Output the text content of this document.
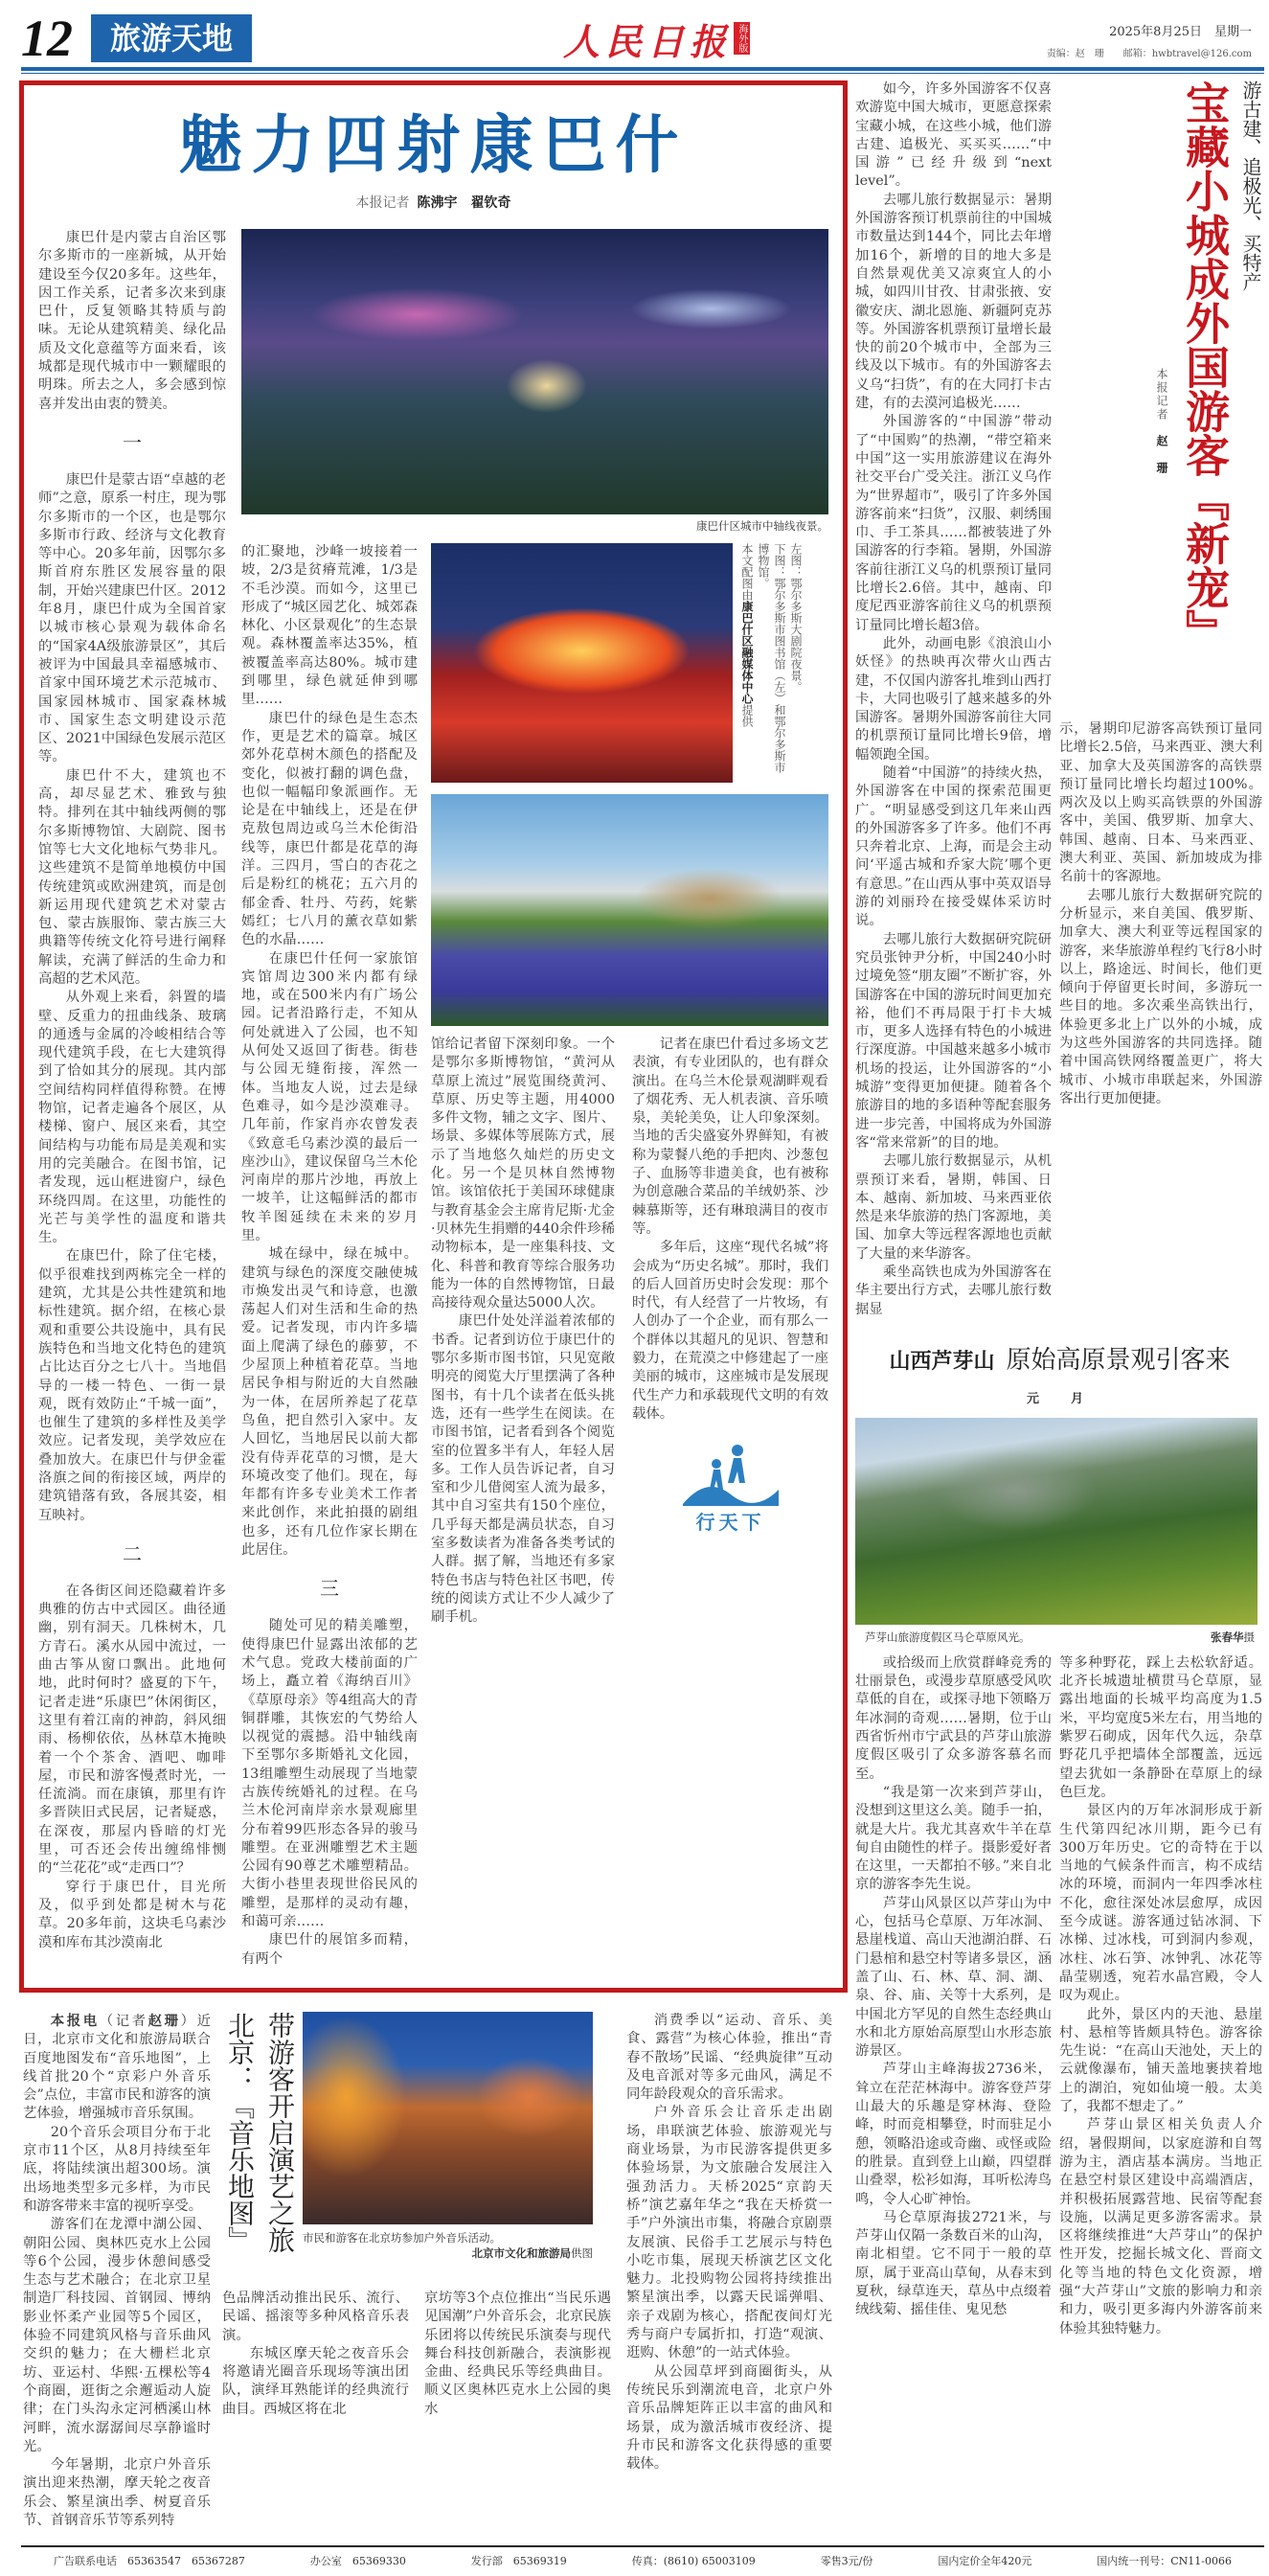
12	旅游天地	人民日报 海外版	2025年8月25日　星期一
责编：赵　珊　　邮箱：hwbtravel@126.com
魅力四射康巴什
本报记者 陈沸宇　翟钦奇

康巴什是内蒙古自治区鄂尔多斯市的一座新城，从开始建设至今仅20多年。这些年，因工作关系，记者多次来到康巴什，反复领略其特质与韵味。无论从建筑精美、绿化品质及文化意蕴等方面来看，该城都是现代城市中一颗耀眼的明珠。所去之人，多会感到惊喜并发出由衷的赞美。

一

康巴什是蒙古语“卓越的老师”之意，原系一村庄，现为鄂尔多斯市的一个区，也是鄂尔多斯市行政、经济与文化教育等中心。20多年前，因鄂尔多斯首府东胜区发展容量的限制，开始兴建康巴什区。2012年8月，康巴什成为全国首家以城市核心景观为载体命名的“国家4A级旅游景区”，其后被评为中国最具幸福感城市、首家中国环境艺术示范城市、国家园林城市、国家森林城市、国家生态文明建设示范区、2021中国绿色发展示范区等。

康巴什不大，建筑也不高，却尽显艺术、雅致与独特。排列在其中轴线两侧的鄂尔多斯博物馆、大剧院、图书馆等七大文化地标气势非凡。这些建筑不是简单地模仿中国传统建筑或欧洲建筑，而是创新运用现代建筑艺术对蒙古包、蒙古族服饰、蒙古族三大典籍等传统文化符号进行阐释解读，充满了鲜活的生命力和高超的艺术风范。

从外观上来看，斜置的墙壁、反重力的扭曲线条、玻璃的通透与金属的冷峻相结合等现代建筑手段，在七大建筑得到了恰如其分的展现。其内部空间结构同样值得称赞。在博物馆，记者走遍各个展区，从楼梯、窗户、展区来看，其空间结构与功能布局是美观和实用的完美融合。在图书馆，记者发现，远山框进窗户，绿色环绕四周。在这里，功能性的光芒与美学性的温度和谐共生。

在康巴什，除了住宅楼，似乎很难找到两栋完全一样的建筑，尤其是公共性建筑和地标性建筑。据介绍，在核心景观和重要公共设施中，具有民族特色和当地文化特色的建筑占比达百分之七八十。当地倡导的一楼一特色、一街一景观，既有效防止“千城一面”，也催生了建筑的多样性及美学效应。记者发现，美学效应在叠加放大。在康巴什与伊金霍洛旗之间的衔接区域，两岸的建筑错落有致，各展其姿，相互映衬。

二

在各街区间还隐藏着许多典雅的仿古中式园区。曲径通幽，别有洞天。几株树木，几方青石。溪水从园中流过，一曲古筝从窗口飘出。此地何地，此时何时？盛夏的下午，记者走进“乐康巴”休闲街区，这里有着江南的神韵，斜风细雨、杨柳依依，丛林草木掩映着一个个茶舍、酒吧、咖啡屋，市民和游客慢煮时光，一任流淌。而在康镇，那里有许多晋陕旧式民居，记者疑惑，在深夜，那屋内昏暗的灯光里，可否还会传出缠绵悱恻的“兰花花”或“走西口”？

穿行于康巴什，目光所及，似乎到处都是树木与花草。20多年前，这块毛乌素沙漠和库布其沙漠南北

康巴什区城市中轴线夜景。

的汇聚地，沙峰一坡接着一坡，2/3是贫瘠荒滩，1/3是不毛沙漠。而如今，这里已形成了“城区园艺化、城郊森林化、小区景观化”的生态景观。森林覆盖率达35%，植被覆盖率高达80%。城市建到哪里，绿色就延伸到哪里……

康巴什的绿色是生态杰作，更是艺术的篇章。城区郊外花草树木颜色的搭配及变化，似被打翻的调色盘，也似一幅幅印象派画作。无论是在中轴线上，还是在伊克敖包周边或乌兰木伦街沿线等，康巴什都是花草的海洋。三四月，雪白的杏花之后是粉红的桃花；五六月的郁金香、牡丹、芍药，姹紫嫣红；七八月的薰衣草如紫色的水晶……

在康巴什任何一家旅馆宾馆周边300米内都有绿地，或在500米内有广场公园。记者沿路行走，不知从何处就进入了公园，也不知从何处又返回了街巷。街巷与公园无缝衔接，浑然一体。当地友人说，过去是绿色难寻，如今是沙漠难寻。几年前，作家肖亦农曾发表《致意毛乌素沙漠的最后一座沙山》，建议保留乌兰木伦河南岸的那片沙地，再放上一坡羊，让这幅鲜活的都市牧羊图延续在未来的岁月里。

城在绿中，绿在城中。建筑与绿色的深度交融使城市焕发出灵气和诗意，也激荡起人们对生活和生命的热爱。记者发现，市内许多墙面上爬满了绿色的藤萝，不少屋顶上种植着花草。当地居民争相与附近的大自然融为一体，在居所养起了花草鸟鱼，把自然引入家中。友人回忆，当地居民以前大都没有侍弄花草的习惯，是大环境改变了他们。现在，每年都有许多专业美术工作者来此创作，来此拍摄的剧组也多，还有几位作家长期在此居住。

三

随处可见的精美雕塑，使得康巴什显露出浓郁的艺术气息。党政大楼前面的广场上，矗立着《海纳百川》《草原母亲》等4组高大的青铜群雕，其恢宏的气势给人以视觉的震撼。沿中轴线南下至鄂尔多斯婚礼文化园，13组雕塑生动展现了当地蒙古族传统婚礼的过程。在乌兰木伦河南岸亲水景观廊里分布着99匹形态各异的骏马雕塑。在亚洲雕塑艺术主题公园有90尊艺术雕塑精品。大街小巷里表现世俗民风的雕塑，是那样的灵动有趣，和蔼可亲……

康巴什的展馆多而精，有两个

左图：鄂尔多斯大剧院夜景。
下图：鄂尔多斯市图书馆（左）和鄂尔多斯市博物馆。
本文配图由康巴什区融媒体中心提供

馆给记者留下深刻印象。一个是鄂尔多斯博物馆，“黄河从草原上流过”展览围绕黄河、草原、历史等主题，用4000多件文物，辅之文字、图片、场景、多媒体等展陈方式，展示了当地悠久灿烂的历史文化。另一个是贝林自然博物馆。该馆依托于美国环球健康与教育基金会主席肯尼斯·尤金·贝林先生捐赠的440余件珍稀动物标本，是一座集科技、文化、科普和教育等综合服务功能为一体的自然博物馆，日最高接待观众量达5000人次。

康巴什处处洋溢着浓郁的书香。记者到访位于康巴什的鄂尔多斯市图书馆，只见宽敞明亮的阅览大厅里摆满了各种图书，有十几个读者在低头挑选，还有一些学生在阅读。在市图书馆，记者看到各个阅览室的位置多半有人，年轻人居多。工作人员告诉记者，自习室和少儿借阅室人流为最多，其中自习室共有150个座位，几乎每天都是满员状态，自习室多数读者为准备各类考试的人群。据了解，当地还有多家特色书店与特色社区书吧，传统的阅读方式让不少人减少了刷手机。

记者在康巴什看过多场文艺表演，有专业团队的，也有群众演出。在乌兰木伦景观湖畔观看了烟花秀、无人机表演、音乐喷泉，美轮美奂，让人印象深刻。当地的舌尖盛宴外界鲜知，有被称为蒙餐八绝的手把肉、沙葱包子、血肠等非遗美食，也有被称为创意融合菜品的羊绒奶茶、沙棘慕斯等，还有琳琅满目的夜市等。

多年后，这座“现代名城”将会成为“历史名城”。那时，我们的后人回首历史时会发现：那个时代，有人经营了一片牧场，有人创办了一个企业，而有那么一个群体以其超凡的见识、智慧和毅力，在荒漠之中修建起了一座美丽的城市，这座城市是发展现代生产力和承载现代文明的有效载体。

行天下

本报电（记者赵珊）近日，北京市文化和旅游局联合百度地图发布“音乐地图”，上线首批20个“京彩户外音乐会”点位，丰富市民和游客的演艺体验，增强城市音乐氛围。

20个音乐会项目分布于北京市11个区，从8月持续至年底，将陆续演出超300场。演出场地类型多元多样，为市民和游客带来丰富的视听享受。

游客们在龙潭中湖公园、朝阳公园、奥林匹克水上公园等6个公园，漫步休憩间感受生态与艺术融合；在北京卫星制造厂科技园、首钢园、博纳影业怀柔产业园等5个园区，体验不同建筑风格与音乐曲风交织的魅力；在大栅栏北京坊、亚运村、华熙·五棵松等4个商圈，逛街之余邂逅动人旋律；在门头沟永定河栖溪山林河畔，流水潺潺间尽享静谧时光。

今年暑期，北京户外音乐演出迎来热潮，摩天轮之夜音乐会、繁星演出季、树夏音乐节、首钢音乐节等系列特

北京：『音乐地图』 带游客开启演艺之旅 市民和游客在北京坊参加户外音乐活动。
北京市文化和旅游局供图

色品牌活动推出民乐、流行、民谣、摇滚等多种风格音乐表演。

东城区摩天轮之夜音乐会将邀请光圈音乐现场等演出团队，演绎耳熟能详的经典流行曲目。西城区将在北

京坊等3个点位推出“当民乐遇见国潮”户外音乐会，北京民族乐团将以传统民乐演奏与现代舞台科技创新融合，表演影视金曲、经典民乐等经典曲目。顺义区奥林匹克水上公园的奥水

消费季以“运动、音乐、美食、露营”为核心体验，推出“青春不散场”民谣、“经典旋律”互动及电音派对等多元曲风，满足不同年龄段观众的音乐需求。

户外音乐会让音乐走出剧场，串联演艺体验、旅游观光与商业场景，为市民游客提供更多体验场景，为文旅融合发展注入强劲活力。天桥2025“京韵天桥”演艺嘉年华之“我在天桥赏一手”户外演出市集，将融合京剧票友展演、民俗手工艺展示与特色小吃市集，展现天桥演艺区文化魅力。北投购物公园将持续推出繁星演出季，以露天民谣弹唱、亲子戏剧为核心，搭配夜间灯光秀与商户专属折扣，打造“观演、逛购、休憩”的一站式体验。

从公园草坪到商圈街头，从传统民乐到潮流电音，北京户外音乐品牌矩阵正以丰富的曲风和场景，成为激活城市夜经济、提升市民和游客文化获得感的重要载体。

如今，许多外国游客不仅喜欢游览中国大城市，更愿意探索宝藏小城，在这些小城，他们游古建、追极光、买买买……“中国游”已经升级到“next level”。

去哪儿旅行数据显示：暑期外国游客预订机票前往的中国城市数量达到144个，同比去年增加16个，新增的目的地大多是自然景观优美又凉爽宜人的小城，如四川甘孜、甘肃张掖、安徽安庆、湖北恩施、新疆阿克苏等。外国游客机票预订量增长最快的前20个城市中，全部为三线及以下城市。有的外国游客去义乌“扫货”，有的在大同打卡古建，有的去漠河追极光……

外国游客的“中国游”带动了“中国购”的热潮，“带空箱来中国”这一实用旅游建议在海外社交平台广受关注。浙江义乌作为“世界超市”，吸引了许多外国游客前来“扫货”，汉服、刺绣围巾、手工茶具……都被装进了外国游客的行李箱。暑期，外国游客前往浙江义乌的机票预订量同比增长2.6倍。其中，越南、印度尼西亚游客前往义乌的机票预订量同比增长超3倍。

此外，动画电影《浪浪山小妖怪》的热映再次带火山西古建，不仅国内游客扎堆到山西打卡，大同也吸引了越来越多的外国游客。暑期外国游客前往大同的机票预订量同比增长9倍，增幅领跑全国。

随着“中国游”的持续火热，外国游客在中国的探索范围更广。“明显感受到这几年来山西的外国游客多了许多。他们不再只奔着北京、上海，而是会主动问‘平遥古城和乔家大院’哪个更有意思。”在山西从事中英双语导游的刘丽玲在接受媒体采访时说。

去哪儿旅行大数据研究院研究员张钟尹分析，中国240小时过境免签“朋友圈”不断扩容，外国游客在中国的游玩时间更加充裕，他们不再局限于打卡大城市，更多人选择有特色的小城进行深度游。中国越来越多小城市机场的投运，让外国游客的“小城游”变得更加便捷。随着各个旅游目的地的多语种等配套服务进一步完善，中国将成为外国游客“常来常新”的目的地。

去哪儿旅行数据显示，从机票预订来看，暑期，韩国、日本、越南、新加坡、马来西亚依然是来华旅游的热门客源地，美国、加拿大等远程客源地也贡献了大量的来华游客。

乘坐高铁也成为外国游客在华主要出行方式，去哪儿旅行数据显

游古建、追极光、买特产
宝藏小城成外国游客『新宠』
本报记者　赵　珊

示，暑期印尼游客高铁预订量同比增长2.5倍，马来西亚、澳大利亚、加拿大及英国游客的高铁票预订量同比增长均超过100%。两次及以上购买高铁票的外国游客中，美国、俄罗斯、加拿大、韩国、越南、日本、马来西亚、澳大利亚、英国、新加坡成为排名前十的客源地。

去哪儿旅行大数据研究院的分析显示，来自美国、俄罗斯、加拿大、澳大利亚等远程国家的游客，来华旅游单程约飞行8小时以上，路途远、时间长，他们更倾向于停留更长时间，多游玩一些目的地。多次乘坐高铁出行，体验更多北上广以外的小城，成为这些外国游客的共同选择。随着中国高铁网络覆盖更广，将大城市、小城市串联起来，外国游客出行更加便捷。

山西芦芽山 原始高原景观引客来
元　月
芦芽山旅游度假区马仑草原风光。	张春华摄

或拾级而上欣赏群峰竞秀的壮丽景色，或漫步草原感受风吹草低的自在，或探寻地下领略万年冰洞的奇观……暑期，位于山西省忻州市宁武县的芦芽山旅游度假区吸引了众多游客慕名而至。

“我是第一次来到芦芽山，没想到这里这么美。随手一拍，就是大片。我尤其喜欢牛羊在草甸自由随性的样子。摄影爱好者在这里，一天都拍不够。”来自北京的游客李先生说。

芦芽山风景区以芦芽山为中心，包括马仑草原、万年冰洞、悬崖栈道、高山天池湖泊群、石门悬棺和悬空村等诸多景区，涵盖了山、石、林、草、洞、湖、泉、谷、庙、关等十大系列，是中国北方罕见的自然生态经典山水和北方原始高原型山水形态旅游景区。

芦芽山主峰海拔2736米，耸立在茫茫林海中。游客登芦芽山最大的乐趣是穿林海、登险峰，时而竞相攀登，时而驻足小憩，领略沿途或奇幽、或怪或险的胜景。直到登上山巅，四望群山叠翠，松衫如海，耳听松涛鸟鸣，令人心旷神怡。

马仑草原海拔2721米，与芦芽山仅隔一条数百米的山沟，南北相望。它不同于一般的草原，属于亚高山草甸，从春末到夏秋，绿草连天，草丛中点缀着绒线菊、摇佳佳、鬼见愁

等多种野花，踩上去松软舒适。北齐长城遗址横贯马仑草原，显露出地面的长城平均高度为1.5米，平均宽度5米左右，用当地的紫罗石砌成，因年代久远，杂草野花几乎把墙体全部覆盖，远远望去犹如一条静卧在草原上的绿色巨龙。

景区内的万年冰洞形成于新生代第四纪冰川期，距今已有300万年历史。它的奇特在于以当地的气候条件而言，构不成结冰的环境，而洞内一年四季冰柱不化，愈往深处冰层愈厚，成因至今成谜。游客通过钻冰洞、下冰梯、过冰栈，可到洞内参观，冰柱、冰石笋、冰钟乳、冰花等晶莹剔透，宛若水晶宫殿，令人叹为观止。

此外，景区内的天池、悬崖村、悬棺等皆颇具特色。游客徐先生说：“在高山天池处，天上的云就像瀑布，铺天盖地裹挟着地上的湖泊，宛如仙境一般。太美了，我都不想走了。”

芦芽山景区相关负责人介绍，暑假期间，以家庭游和自驾游为主，酒店基本满房。当地正在悬空村景区建设中高端酒店，并积极拓展露营地、民宿等配套设施，以满足更多游客需求。景区将继续推进“大芦芽山”的保护性开发，挖掘长城文化、晋商文化等当地的特色文化资源，增强“大芦芽山”文旅的影响力和亲和力，吸引更多海内外游客前来体验其独特魅力。

广告联系电话　65363547　65367287	办公室　65369330	发行部　65369319	传真：(8610) 65003109	零售3元/份	国内定价全年420元	国内统一刊号：CN11-0066
